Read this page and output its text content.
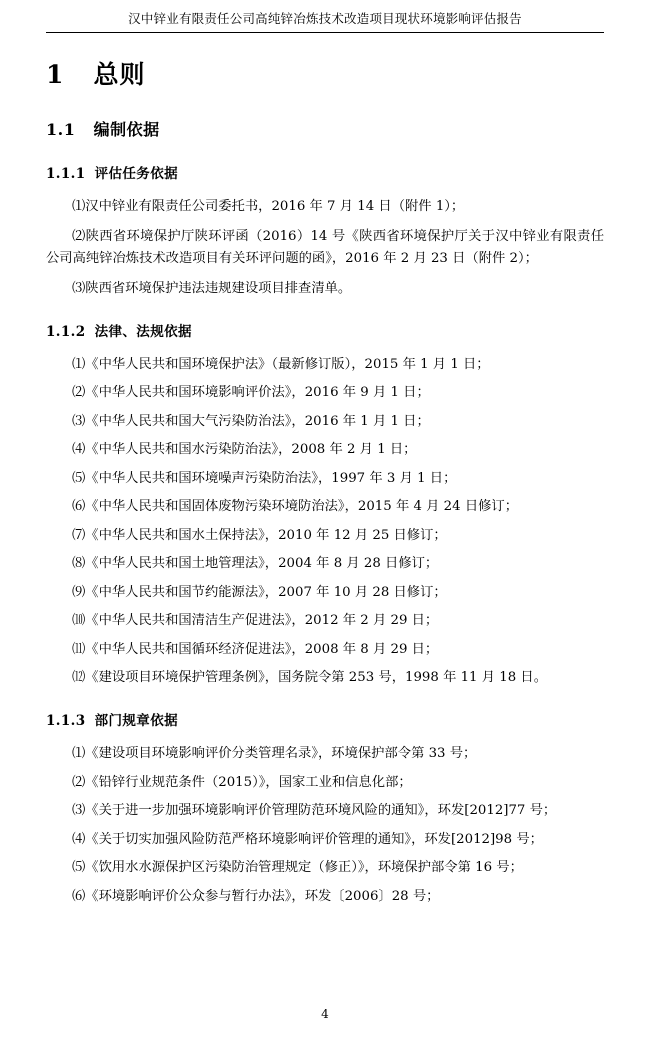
汉中锌业有限责任公司高纯锌冶炼技术改造项目现状环境影响评估报告
1 总则
1.1 编制依据
1.1.1 评估任务依据

⑴汉中锌业有限责任公司委托书，2016 年 7 月 14 日（附件 1）；

⑵陕西省环境保护厅陕环评函（2016）14 号《陕西省环境保护厅关于汉中锌业有限责任公司高纯锌冶炼技术改造项目有关环评问题的函》，2016 年 2 月 23 日（附件 2）；

⑶陕西省环境保护违法违规建设项目排查清单。

1.1.2 法律、法规依据

⑴《中华人民共和国环境保护法》（最新修订版），2015 年 1 月 1 日；

⑵《中华人民共和国环境影响评价法》，2016 年 9 月 1 日；

⑶《中华人民共和国大气污染防治法》，2016 年 1 月 1 日；

⑷《中华人民共和国水污染防治法》，2008 年 2 月 1 日；

⑸《中华人民共和国环境噪声污染防治法》，1997 年 3 月 1 日；

⑹《中华人民共和国固体废物污染环境防治法》，2015 年 4 月 24 日修订；

⑺《中华人民共和国水土保持法》，2010 年 12 月 25 日修订；

⑻《中华人民共和国土地管理法》，2004 年 8 月 28 日修订；

⑼《中华人民共和国节约能源法》，2007 年 10 月 28 日修订；

⑽《中华人民共和国清洁生产促进法》，2012 年 2 月 29 日；

⑾《中华人民共和国循环经济促进法》，2008 年 8 月 29 日；

⑿《建设项目环境保护管理条例》，国务院令第 253 号，1998 年 11 月 18 日。

1.1.3 部门规章依据

⑴《建设项目环境影响评价分类管理名录》，环境保护部令第 33 号；

⑵《铅锌行业规范条件（2015）》，国家工业和信息化部；

⑶《关于进一步加强环境影响评价管理防范环境风险的通知》，环发[2012]77 号；

⑷《关于切实加强风险防范严格环境影响评价管理的通知》，环发[2012]98 号；

⑸《饮用水水源保护区污染防治管理规定（修正）》，环境保护部令第 16 号；

⑹《环境影响评价公众参与暂行办法》，环发〔2006〕28 号；

4
